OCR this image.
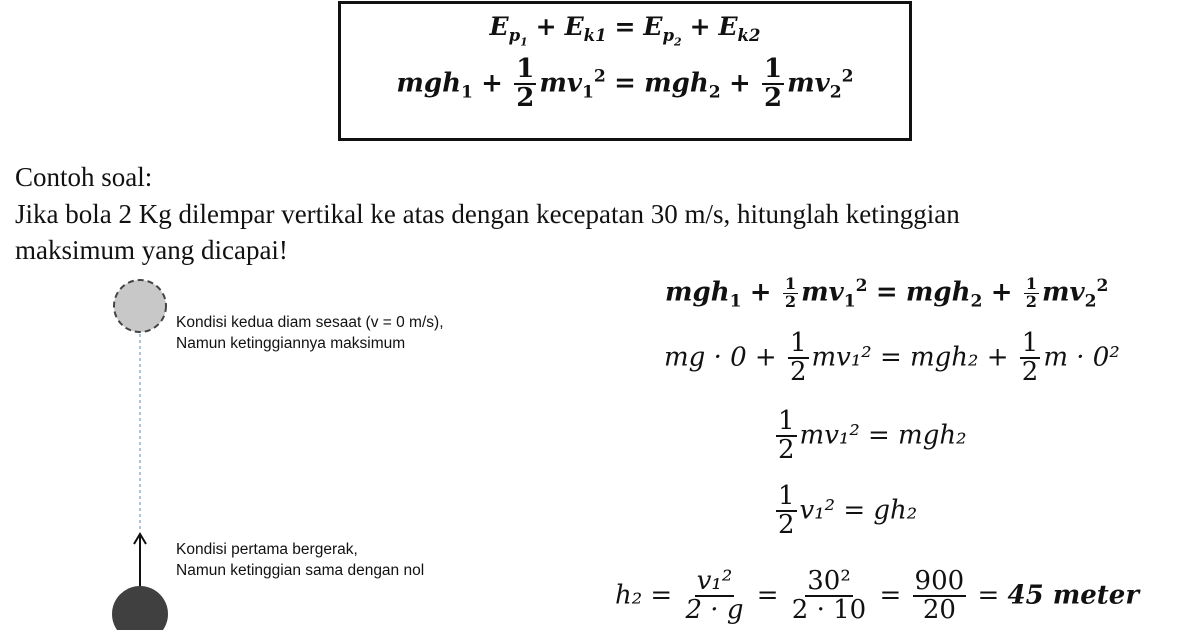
$E_{p_1} + E_{k1} = E_{p_2} + E_{k2}$
$mgh_1 + \frac{1}{2} mv_1^2 = mgh_2 + \frac{1}{2} mv_2^2$
Contoh soal:
Jika bola 2 Kg dilempar vertikal ke atas dengan kecepatan 30 m/s, hitunglah ketinggian
maksimum yang dicapai!
Kondisi kedua diam sesaat (v = 0 m/s),
Namun ketinggiannya maksimum
Kondisi pertama bergerak,
Namun ketinggian sama dengan nol
$mgh_1 + \frac{1}{2} mv_1^2 = mgh_2 + \frac{1}{2} mv_2^2$
mg · $0 + \frac{1}{2} mv_1^2 = mgh_2 + \frac{1}{2}$ m · 0²
$\frac{1}{2} mv_1^2 = mgh_2$
$\frac{1}{2} v_1^2 = gh_2$
$h_2 = \frac{\text{v₁²}}{2 \cdot g} = \frac{\text{30²}}{2 \cdot 10} = \frac{900}{20} = 45$ meter
